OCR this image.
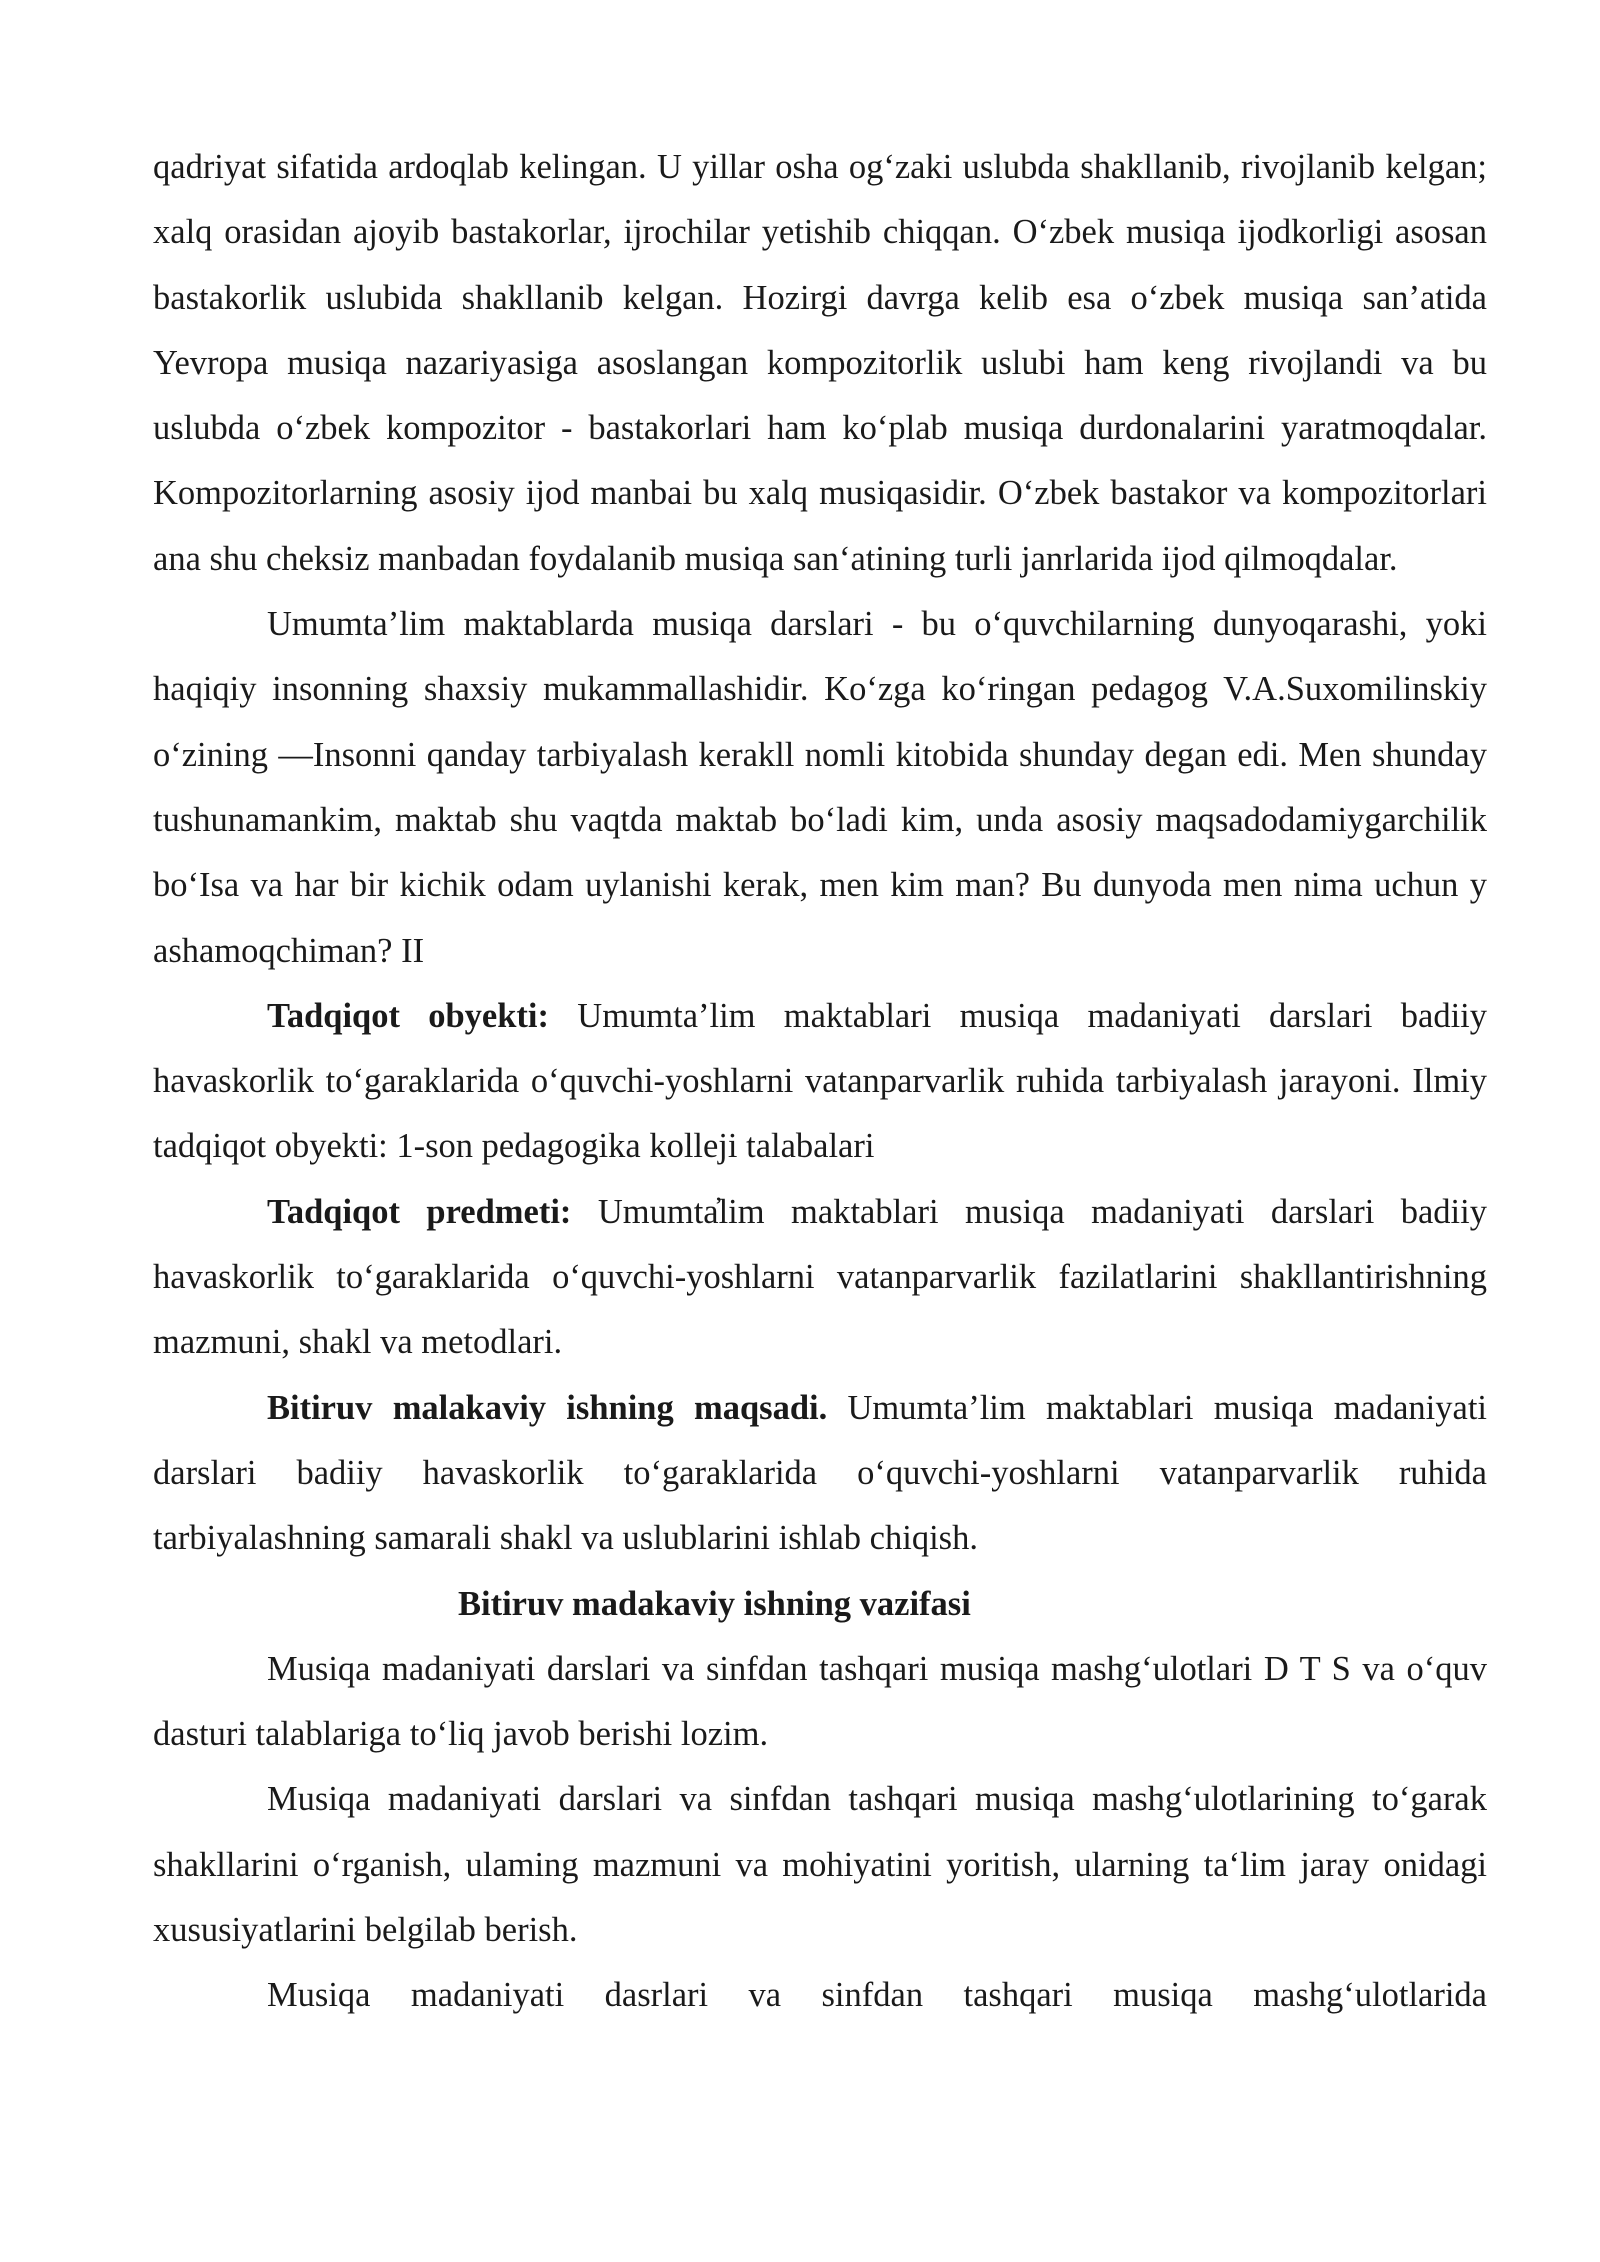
qadriyat sifatida ardoqlab kelingan. U yillar osha og‘zaki uslubda shakllanib, rivojlanib kelgan; xalq orasidan ajoyib bastakorlar, ijrochilar yetishib chiqqan. O‘zbek musiqa ijodkorligi asosan bastakorlik uslubida shakllanib kelgan. Hozirgi davrga kelib esa o‘zbek musiqa san’atida Yevropa musiqa nazariyasiga asoslangan kompozitorlik uslubi ham keng rivojlandi va bu uslubda o‘zbek kompozitor - bastakorlari ham ko‘plab musiqa durdonalarini yaratmoqdalar. Kompozitorlarning asosiy ijod manbai bu xalq musiqasidir. O‘zbek bastakor va kompozitorlari ana shu cheksiz manbadan foydalanib musiqa san‘atining turli janrlarida ijod qilmoqdalar.

Umumta’lim maktablarda musiqa darslari - bu o‘quvchilarning dunyoqarashi, yoki haqiqiy insonning shaxsiy mukammallashidir. Ko‘zga ko‘ringan pedagog V.A.Suxomilinskiy o‘zining ―Insonni qanday tarbiyalash kerakll nomli kitobida shunday degan edi. Men shunday tushunamankim, maktab shu vaqtda maktab bo‘ladi kim, unda asosiy maqsadodamiygarchilik bo‘Isa va har bir kichik odam uylanishi kerak, men kim man? Bu dunyoda men nima uchun y ashamoqchiman? II

Tadqiqot obyekti: Umumta’lim maktablari musiqa madaniyati darslari badiiy havaskorlik to‘garaklarida o‘quvchi-yoshlarni vatanparvarlik ruhida tarbiyalash jarayoni. Ilmiy tadqiqot obyekti: 1-son pedagogika kolleji talabalari

Tadqiqot predmeti: Umumta̓lim maktablari musiqa madaniyati darslari badiiy havaskorlik to‘garaklarida o‘quvchi-yoshlarni vatanparvarlik fazilatlarini shakllantirishning mazmuni, shakl va metodlari.

Bitiruv malakaviy ishning maqsadi. Umumta’lim maktablari musiqa madaniyati darslari badiiy havaskorlik to‘garaklarida o‘quvchi-yoshlarni vatanparvarlik ruhida tarbiyalashning samarali shakl va uslublarini ishlab chiqish.

Bitiruv madakaviy ishning vazifasi

Musiqa madaniyati darslari va sinfdan tashqari musiqa mashg‘ulotlari D T S va o‘quv dasturi talablariga to‘liq javob berishi lozim.

Musiqa madaniyati darslari va sinfdan tashqari musiqa mashg‘ulotlarining to‘garak shakllarini o‘rganish, ulaming mazmuni va mohiyatini yoritish, ularning ta‘lim jaray onidagi xususiyatlarini belgilab berish.

Musiqa madaniyati dasrlari va sinfdan tashqari musiqa mashg‘ulotlarida
